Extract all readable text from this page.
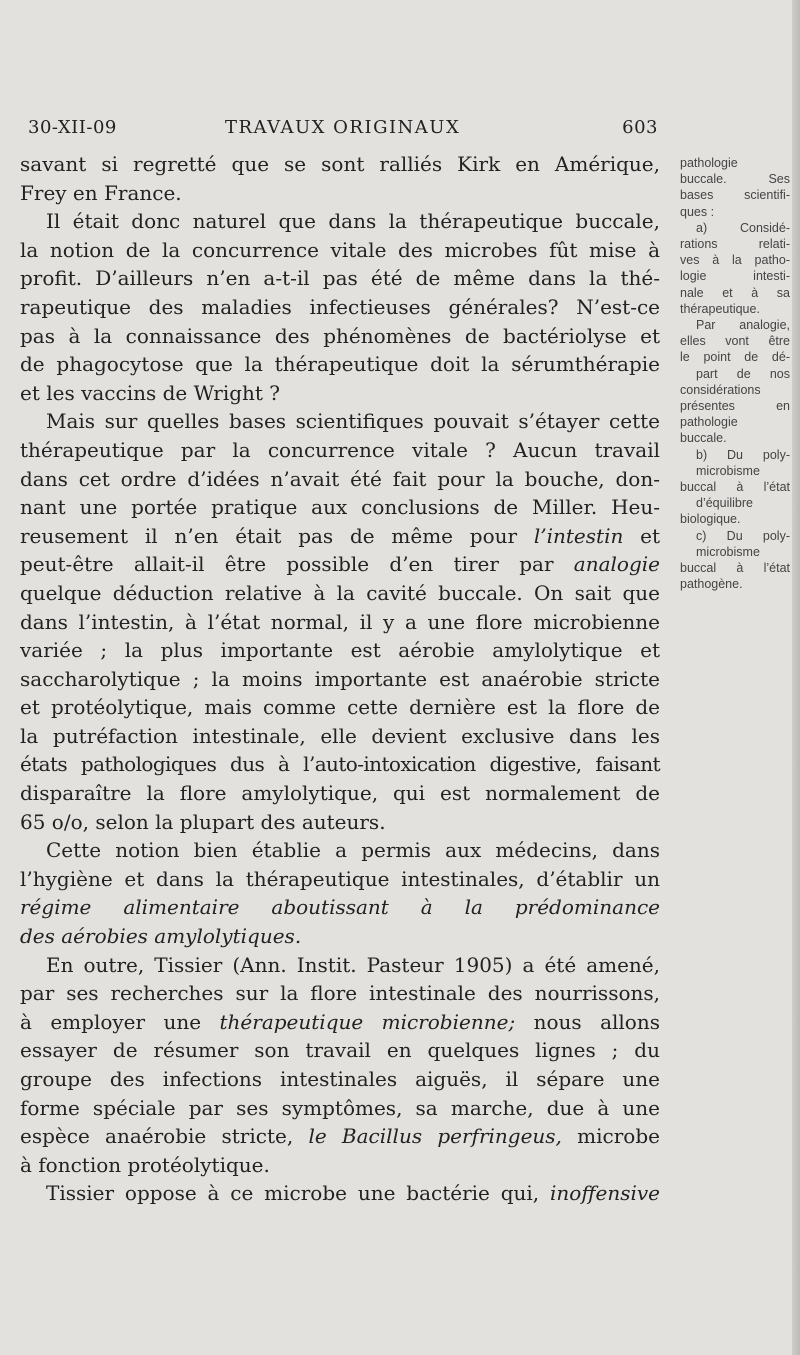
30-XII-09	TRAVAUX ORIGINAUX	603
savant si regretté que se sont ralliés Kirk en Amérique,
Frey en France.
Il était donc naturel que dans la thérapeutique buccale,
la notion de la concurrence vitale des microbes fût mise à
profit. D’ailleurs n’en a-t-il pas été de même dans la thé-
rapeutique des maladies infectieuses générales? N’est-ce
pas à la connaissance des phénomènes de bactériolyse et
de phagocytose que la thérapeutique doit la sérumthérapie
et les vaccins de Wright ?
Mais sur quelles bases scientifiques pouvait s’étayer cette
thérapeutique par la concurrence vitale ? Aucun travail
dans cet ordre d’idées n’avait été fait pour la bouche, don-
nant une portée pratique aux conclusions de Miller. Heu-
reusement il n’en était pas de même pour l’intestin et
peut-être allait-il être possible d’en tirer par analogie
quelque déduction relative à la cavité buccale. On sait que
dans l’intestin, à l’état normal, il y a une flore microbienne
variée ; la plus importante est aérobie amylolytique et
saccharolytique ; la moins importante est anaérobie stricte
et protéolytique, mais comme cette dernière est la flore de
la putréfaction intestinale, elle devient exclusive dans les
états pathologiques dus à l’auto-intoxication digestive, faisant
disparaître la flore amylolytique, qui est normalement de
65 o/o, selon la plupart des auteurs.
Cette notion bien établie a permis aux médecins, dans
l’hygiène et dans la thérapeutique intestinales, d’établir un
régime alimentaire aboutissant à la prédominance
des aérobies amylolytiques.
En outre, Tissier (Ann. Instit. Pasteur 1905) a été amené,
par ses recherches sur la flore intestinale des nourrissons,
à employer une thérapeutique microbienne; nous allons
essayer de résumer son travail en quelques lignes ; du
groupe des infections intestinales aiguës, il sépare une
forme spéciale par ses symptômes, sa marche, due à une
espèce anaérobie stricte, le Bacillus perfringeus, microbe
à fonction protéolytique.
Tissier oppose à ce microbe une bactérie qui, inoffensive
pathologie
buccale. Ses
bases scientifi-
ques :
a) Considé-
rations relati-
ves à la patho-
logie intesti-
nale et à sa
thérapeutique.
Par analogie,
elles vont être
le point de dé-
part de nos
considérations
présentes en
pathologie
buccale.
b) Du poly-
microbisme
buccal à l’état
d’équilibre
biologique.
c) Du poly-
microbisme
buccal à l’état
pathogène.
